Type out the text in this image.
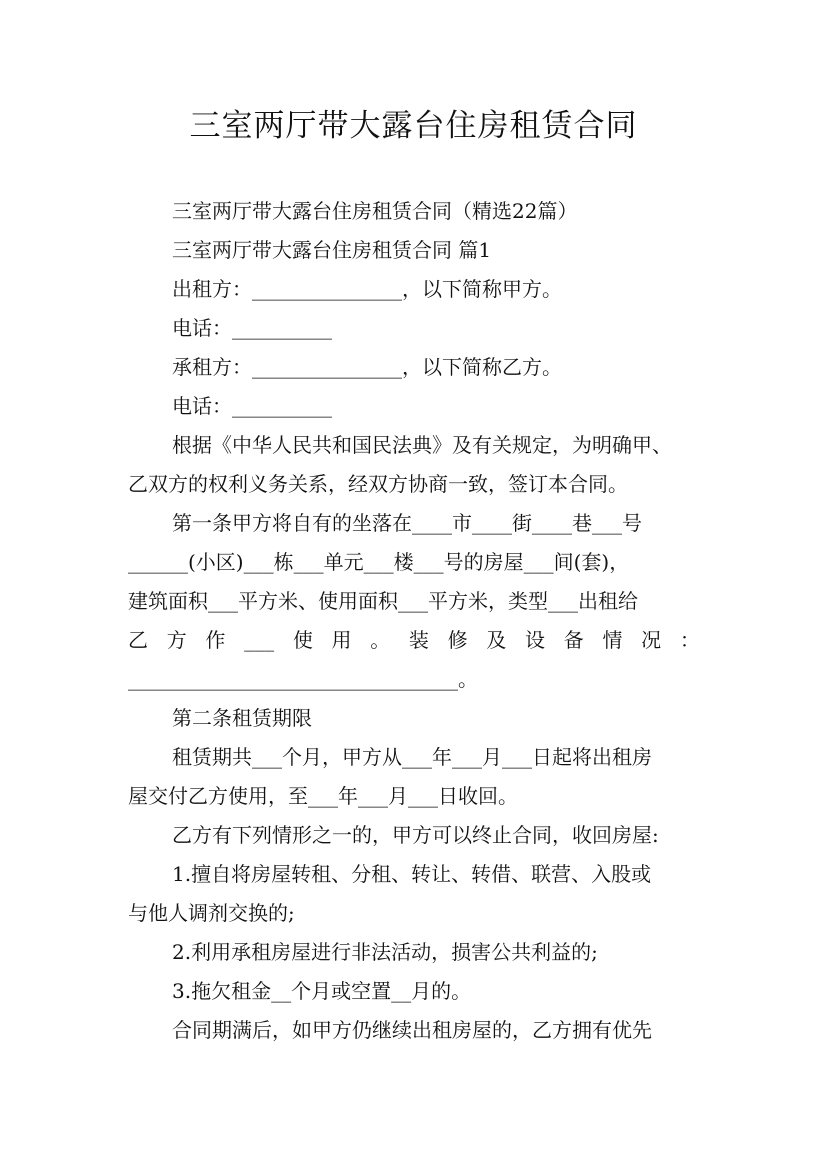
三室两厅带大露台住房租赁合同
三室两厅带大露台住房租赁合同（精选22篇）
三室两厅带大露台住房租赁合同 篇1
出租方：_______________，以下简称甲方。
电话：__________
承租方：_______________，以下简称乙方。
电话：__________
根据《中华人民共和国民法典》及有关规定，为明确甲、
乙双方的权利义务关系，经双方协商一致，签订本合同。
第一条甲方将自有的坐落在____市____街____巷___号
______(小区)___栋___单元___楼___号的房屋___间(套)，
建筑面积___平方米、使用面积___平方米，类型___出租给
乙 方 作 ___ 使 用 。 装 修 及 设 备 情 况 ：
_________________________________。
第二条租赁期限
租赁期共___个月，甲方从___年___月___日起将出租房
屋交付乙方使用，至___年___月___日收回。
乙方有下列情形之一的，甲方可以终止合同，收回房屋:
1.擅自将房屋转租、分租、转让、转借、联营、入股或
与他人调剂交换的;
2.利用承租房屋进行非法活动，损害公共利益的;
3.拖欠租金__个月或空置__月的。
合同期满后，如甲方仍继续出租房屋的，乙方拥有优先
